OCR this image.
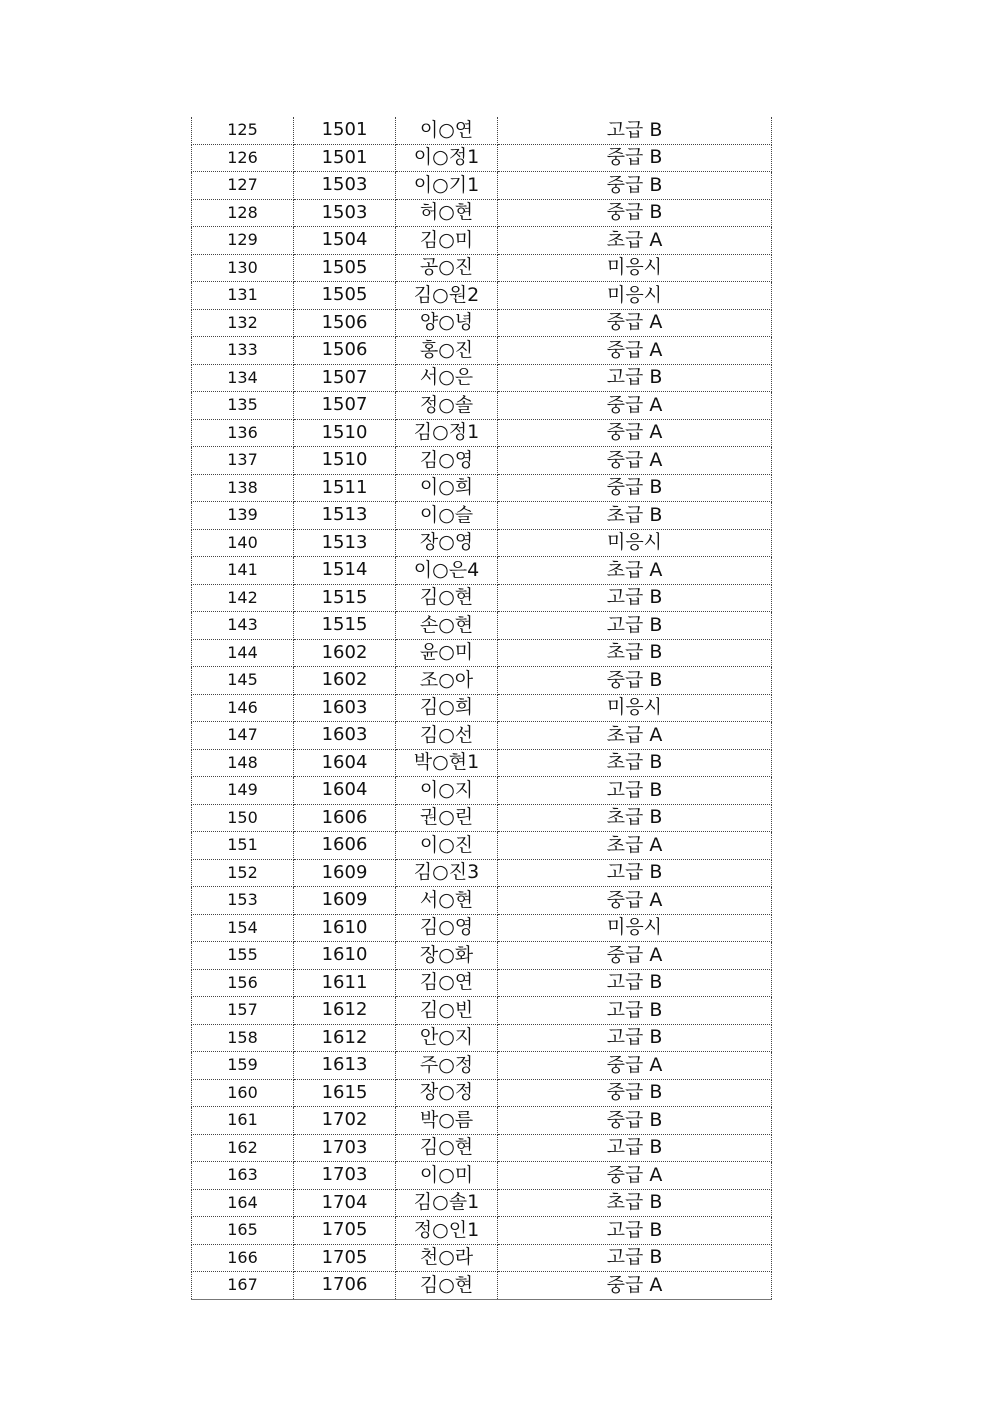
125	1501	이○연	고급 B
126	1501	이○정1	중급 B
127	1503	이○기1	중급 B
128	1503	허○현	중급 B
129	1504	김○미	초급 A
130	1505	공○진	미응시
131	1505	김○원2	미응시
132	1506	양○녕	중급 A
133	1506	홍○진	중급 A
134	1507	서○은	고급 B
135	1507	정○솔	중급 A
136	1510	김○정1	중급 A
137	1510	김○영	중급 A
138	1511	이○희	중급 B
139	1513	이○슬	초급 B
140	1513	장○영	미응시
141	1514	이○은4	초급 A
142	1515	김○현	고급 B
143	1515	손○현	고급 B
144	1602	윤○미	초급 B
145	1602	조○아	중급 B
146	1603	김○희	미응시
147	1603	김○선	초급 A
148	1604	박○현1	초급 B
149	1604	이○지	고급 B
150	1606	권○린	초급 B
151	1606	이○진	초급 A
152	1609	김○진3	고급 B
153	1609	서○현	중급 A
154	1610	김○영	미응시
155	1610	장○화	중급 A
156	1611	김○연	고급 B
157	1612	김○빈	고급 B
158	1612	안○지	고급 B
159	1613	주○정	중급 A
160	1615	장○정	중급 B
161	1702	박○름	중급 B
162	1703	김○현	고급 B
163	1703	이○미	중급 A
164	1704	김○솔1	초급 B
165	1705	정○인1	고급 B
166	1705	천○라	고급 B
167	1706	김○현	중급 A
